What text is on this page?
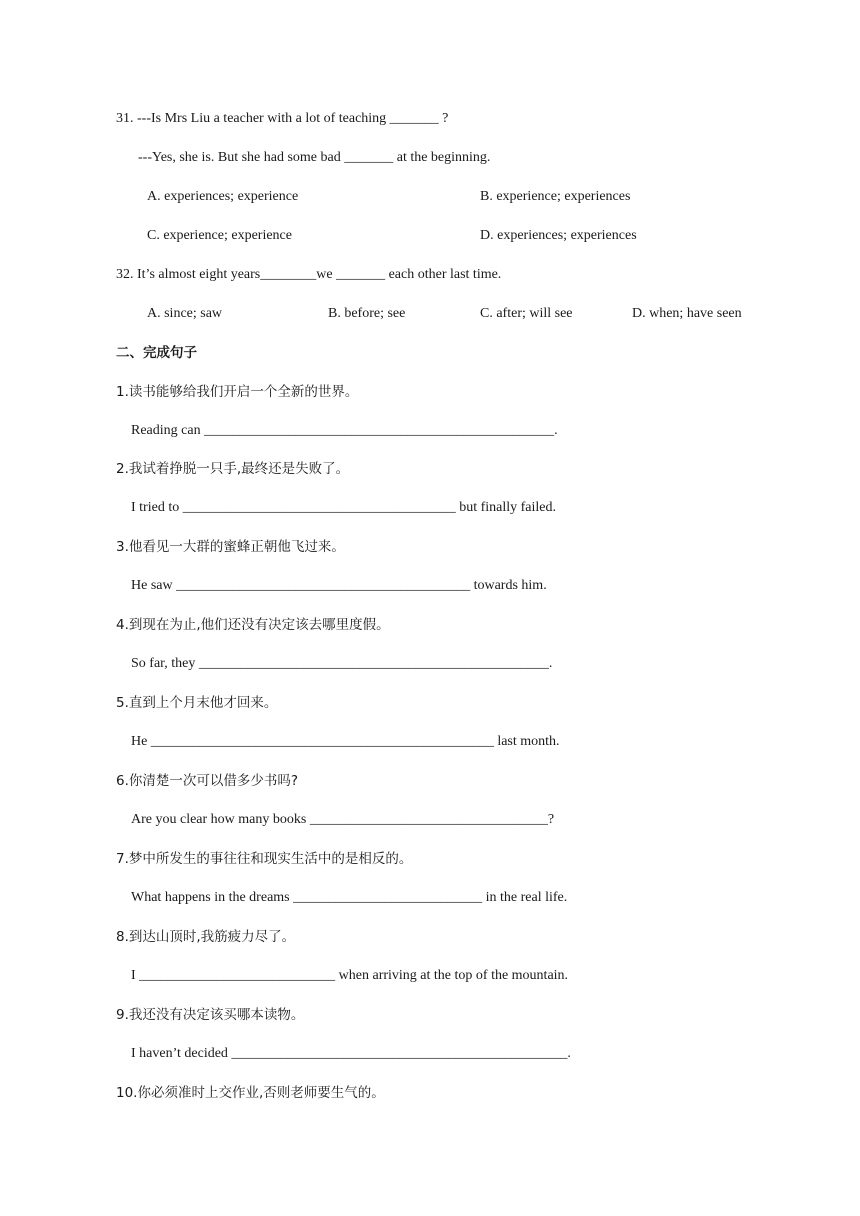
31. ---Is Mrs Liu a teacher with a lot of teaching _______ ?
---Yes, she is. But she had some bad _______ at the beginning.
A. experiences; experience	B. experience; experiences
C. experience; experience	D. experiences; experiences
32. It’s almost eight years________we _______ each other last time.
A. since; saw	B. before; see	C. after; will see	D. when; have seen
二、完成句子
1.读书能够给我们开启一个全新的世界。
Reading can __________________________________________________.
2.我试着挣脱一只手,最终还是失败了。
I tried to _______________________________________ but finally failed.
3.他看见一大群的蜜蜂正朝他飞过来。
He saw __________________________________________ towards him.
4.到现在为止,他们还没有决定该去哪里度假。
So far, they __________________________________________________.
5.直到上个月末他才回来。
He _________________________________________________ last month.
6.你清楚一次可以借多少书吗?
Are you clear how many books __________________________________?
7.梦中所发生的事往往和现实生活中的是相反的。
What happens in the dreams ___________________________ in the real life.
8.到达山顶时,我筋疲力尽了。
I ____________________________ when arriving at the top of the mountain.
9.我还没有决定该买哪本读物。
I haven’t decided ________________________________________________.
10.你必须准时上交作业,否则老师要生气的。
